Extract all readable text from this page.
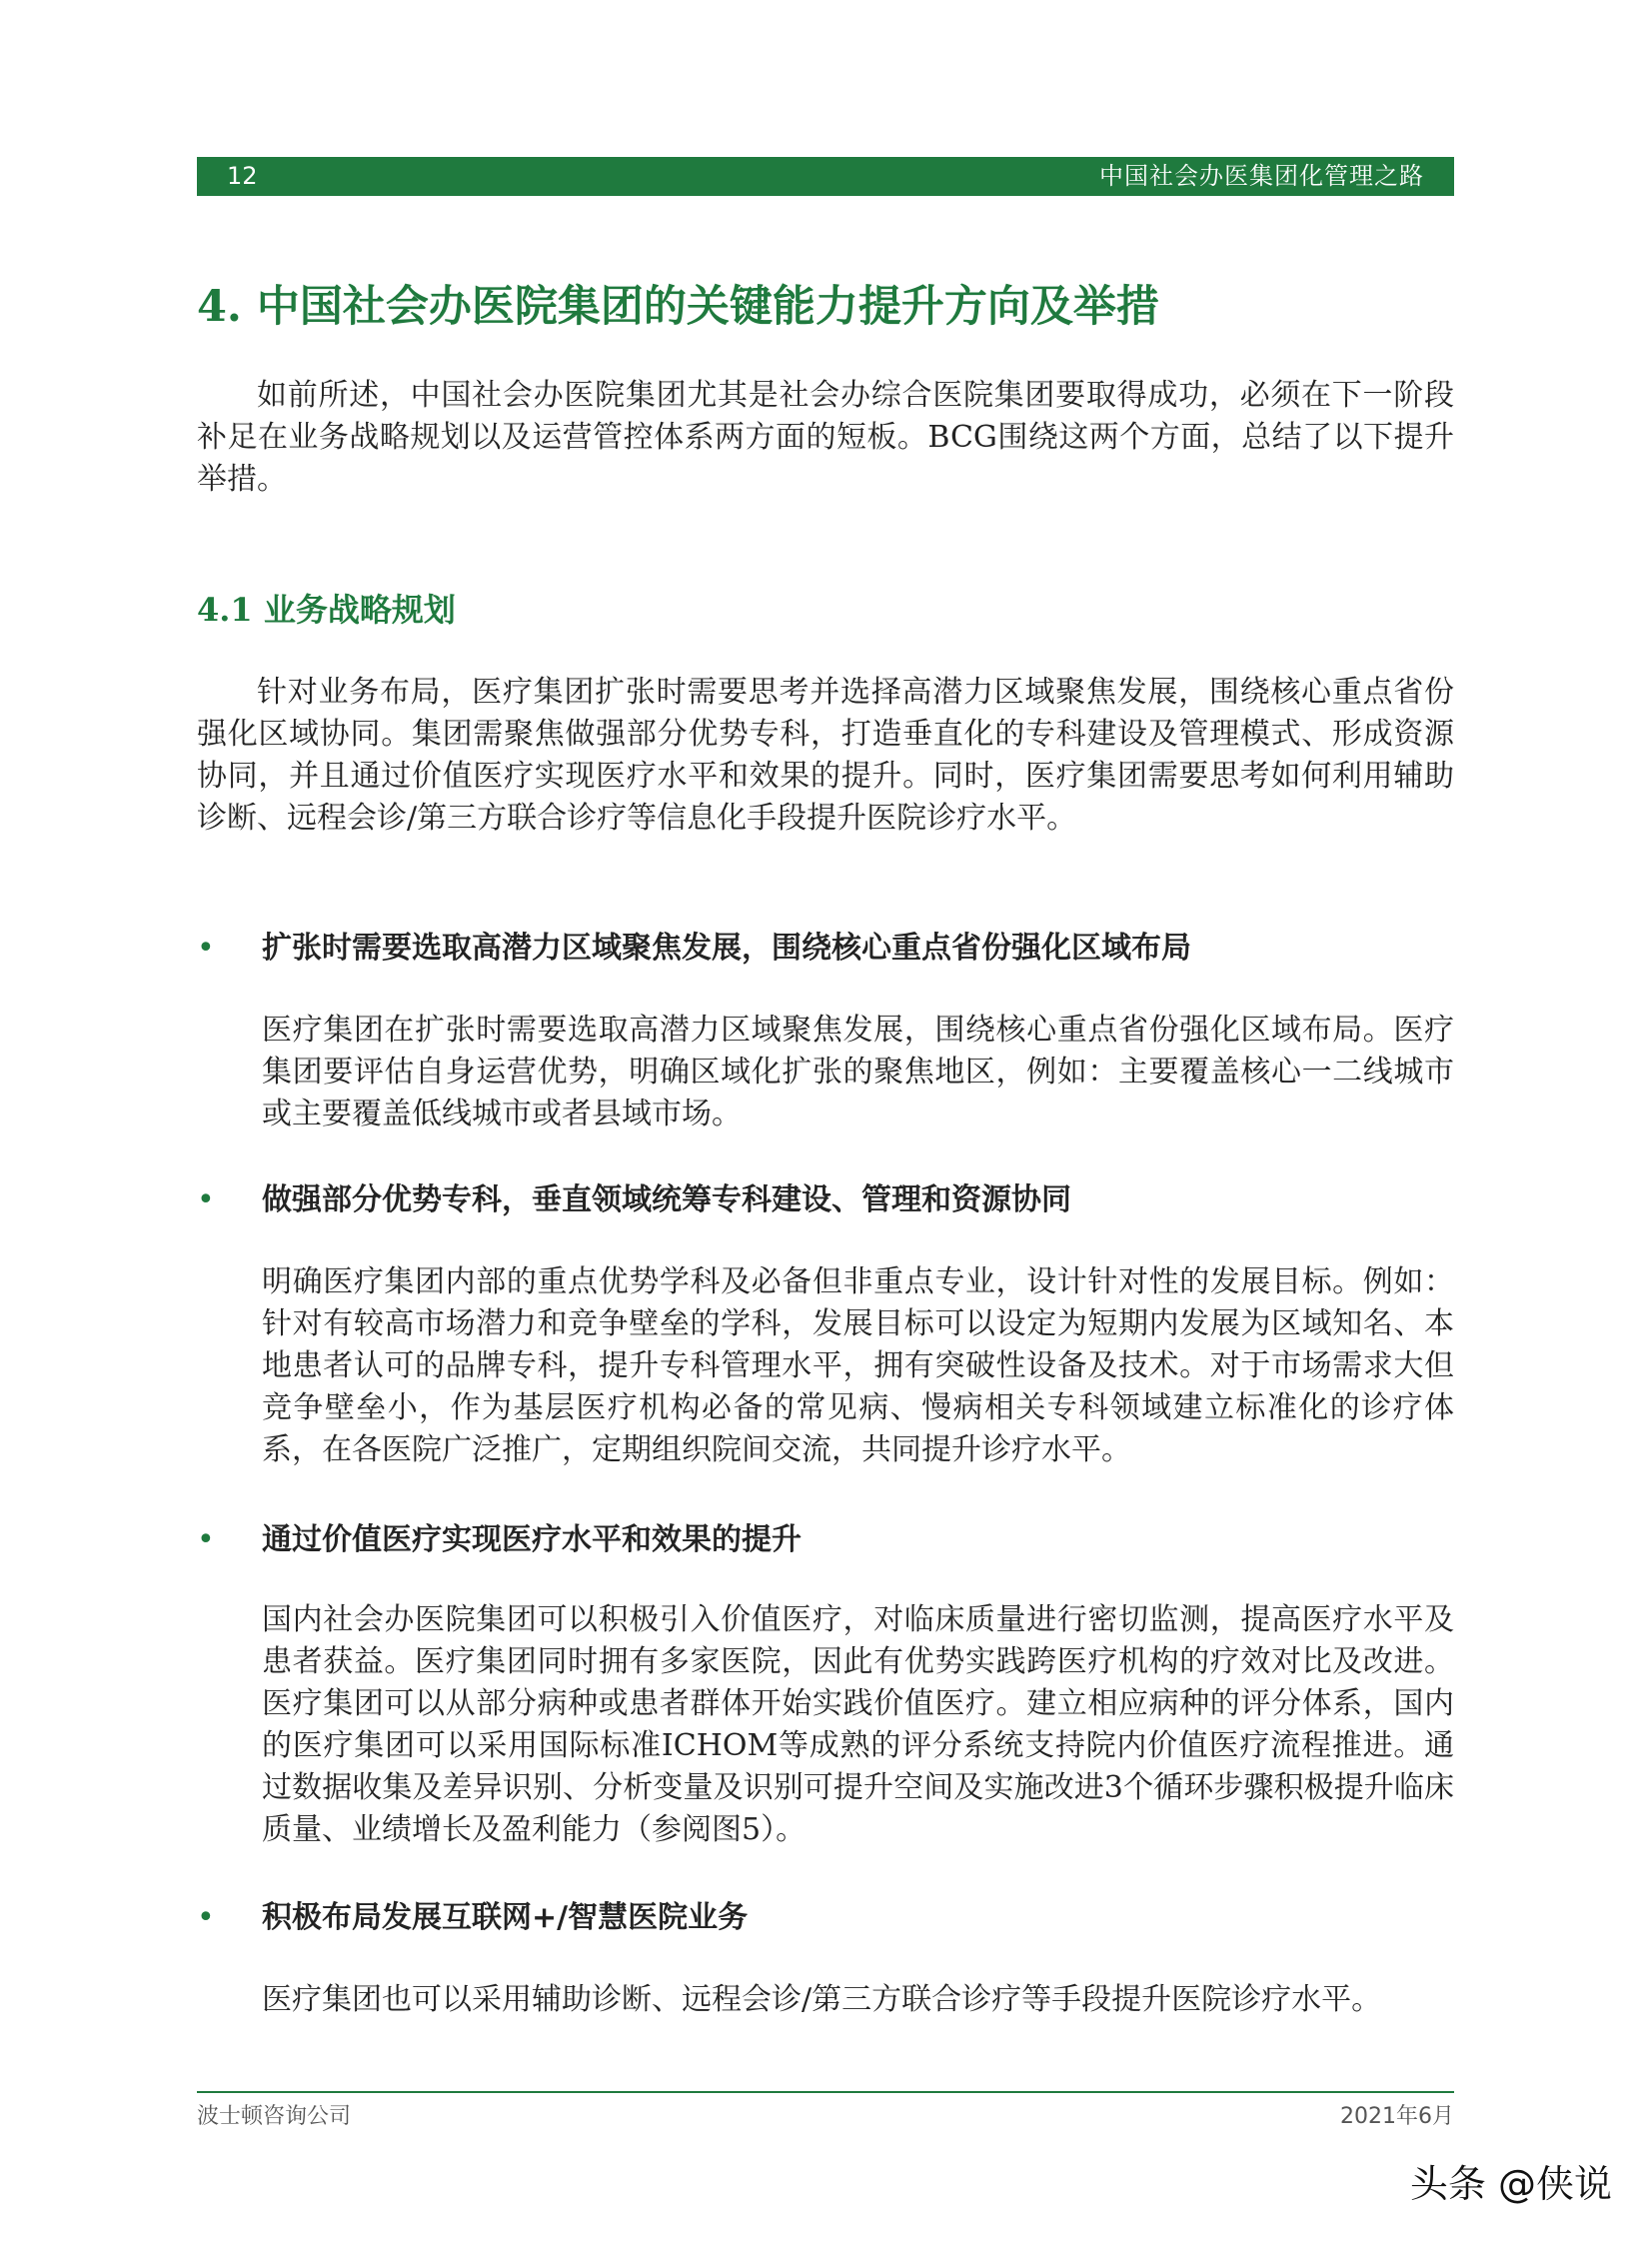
12	中国社会办医集团化管理之路
4. 中国社会办医院集团的关键能力提升方向及举措

如前所述，中国社会办医院集团尤其是社会办综合医院集团要取得成功，必须在下一阶段补足在业务战略规划以及运营管控体系两方面的短板。BCG围绕这两个方面，总结了以下提升举措。

4.1 业务战略规划

针对业务布局，医疗集团扩张时需要思考并选择高潜力区域聚焦发展，围绕核心重点省份强化区域协同。集团需聚焦做强部分优势专科，打造垂直化的专科建设及管理模式、形成资源协同，并且通过价值医疗实现医疗水平和效果的提升。同时，医疗集团需要思考如何利用辅助诊断、远程会诊/第三方联合诊疗等信息化手段提升医院诊疗水平。

• 扩张时需要选取高潜力区域聚焦发展，围绕核心重点省份强化区域布局

医疗集团在扩张时需要选取高潜力区域聚焦发展，围绕核心重点省份强化区域布局。医疗集团要评估自身运营优势，明确区域化扩张的聚焦地区，例如：主要覆盖核心一二线城市或主要覆盖低线城市或者县域市场。

• 做强部分优势专科，垂直领域统筹专科建设、管理和资源协同

明确医疗集团内部的重点优势学科及必备但非重点专业，设计针对性的发展目标。例如：针对有较高市场潜力和竞争壁垒的学科，发展目标可以设定为短期内发展为区域知名、本地患者认可的品牌专科，提升专科管理水平，拥有突破性设备及技术。对于市场需求大但竞争壁垒小，作为基层医疗机构必备的常见病、慢病相关专科领域建立标准化的诊疗体系，在各医院广泛推广，定期组织院间交流，共同提升诊疗水平。

• 通过价值医疗实现医疗水平和效果的提升

国内社会办医院集团可以积极引入价值医疗，对临床质量进行密切监测，提高医疗水平及患者获益。医疗集团同时拥有多家医院，因此有优势实践跨医疗机构的疗效对比及改进。医疗集团可以从部分病种或患者群体开始实践价值医疗。建立相应病种的评分体系，国内的医疗集团可以采用国际标准ICHOM等成熟的评分系统支持院内价值医疗流程推进。通过数据收集及差异识别、分析变量及识别可提升空间及实施改进3个循环步骤积极提升临床质量、业绩增长及盈利能力（参阅图5）。

• 积极布局发展互联网+/智慧医院业务

医疗集团也可以采用辅助诊断、远程会诊/第三方联合诊疗等手段提升医院诊疗水平。

波士顿咨询公司	2021年6月
头条 @侠说
